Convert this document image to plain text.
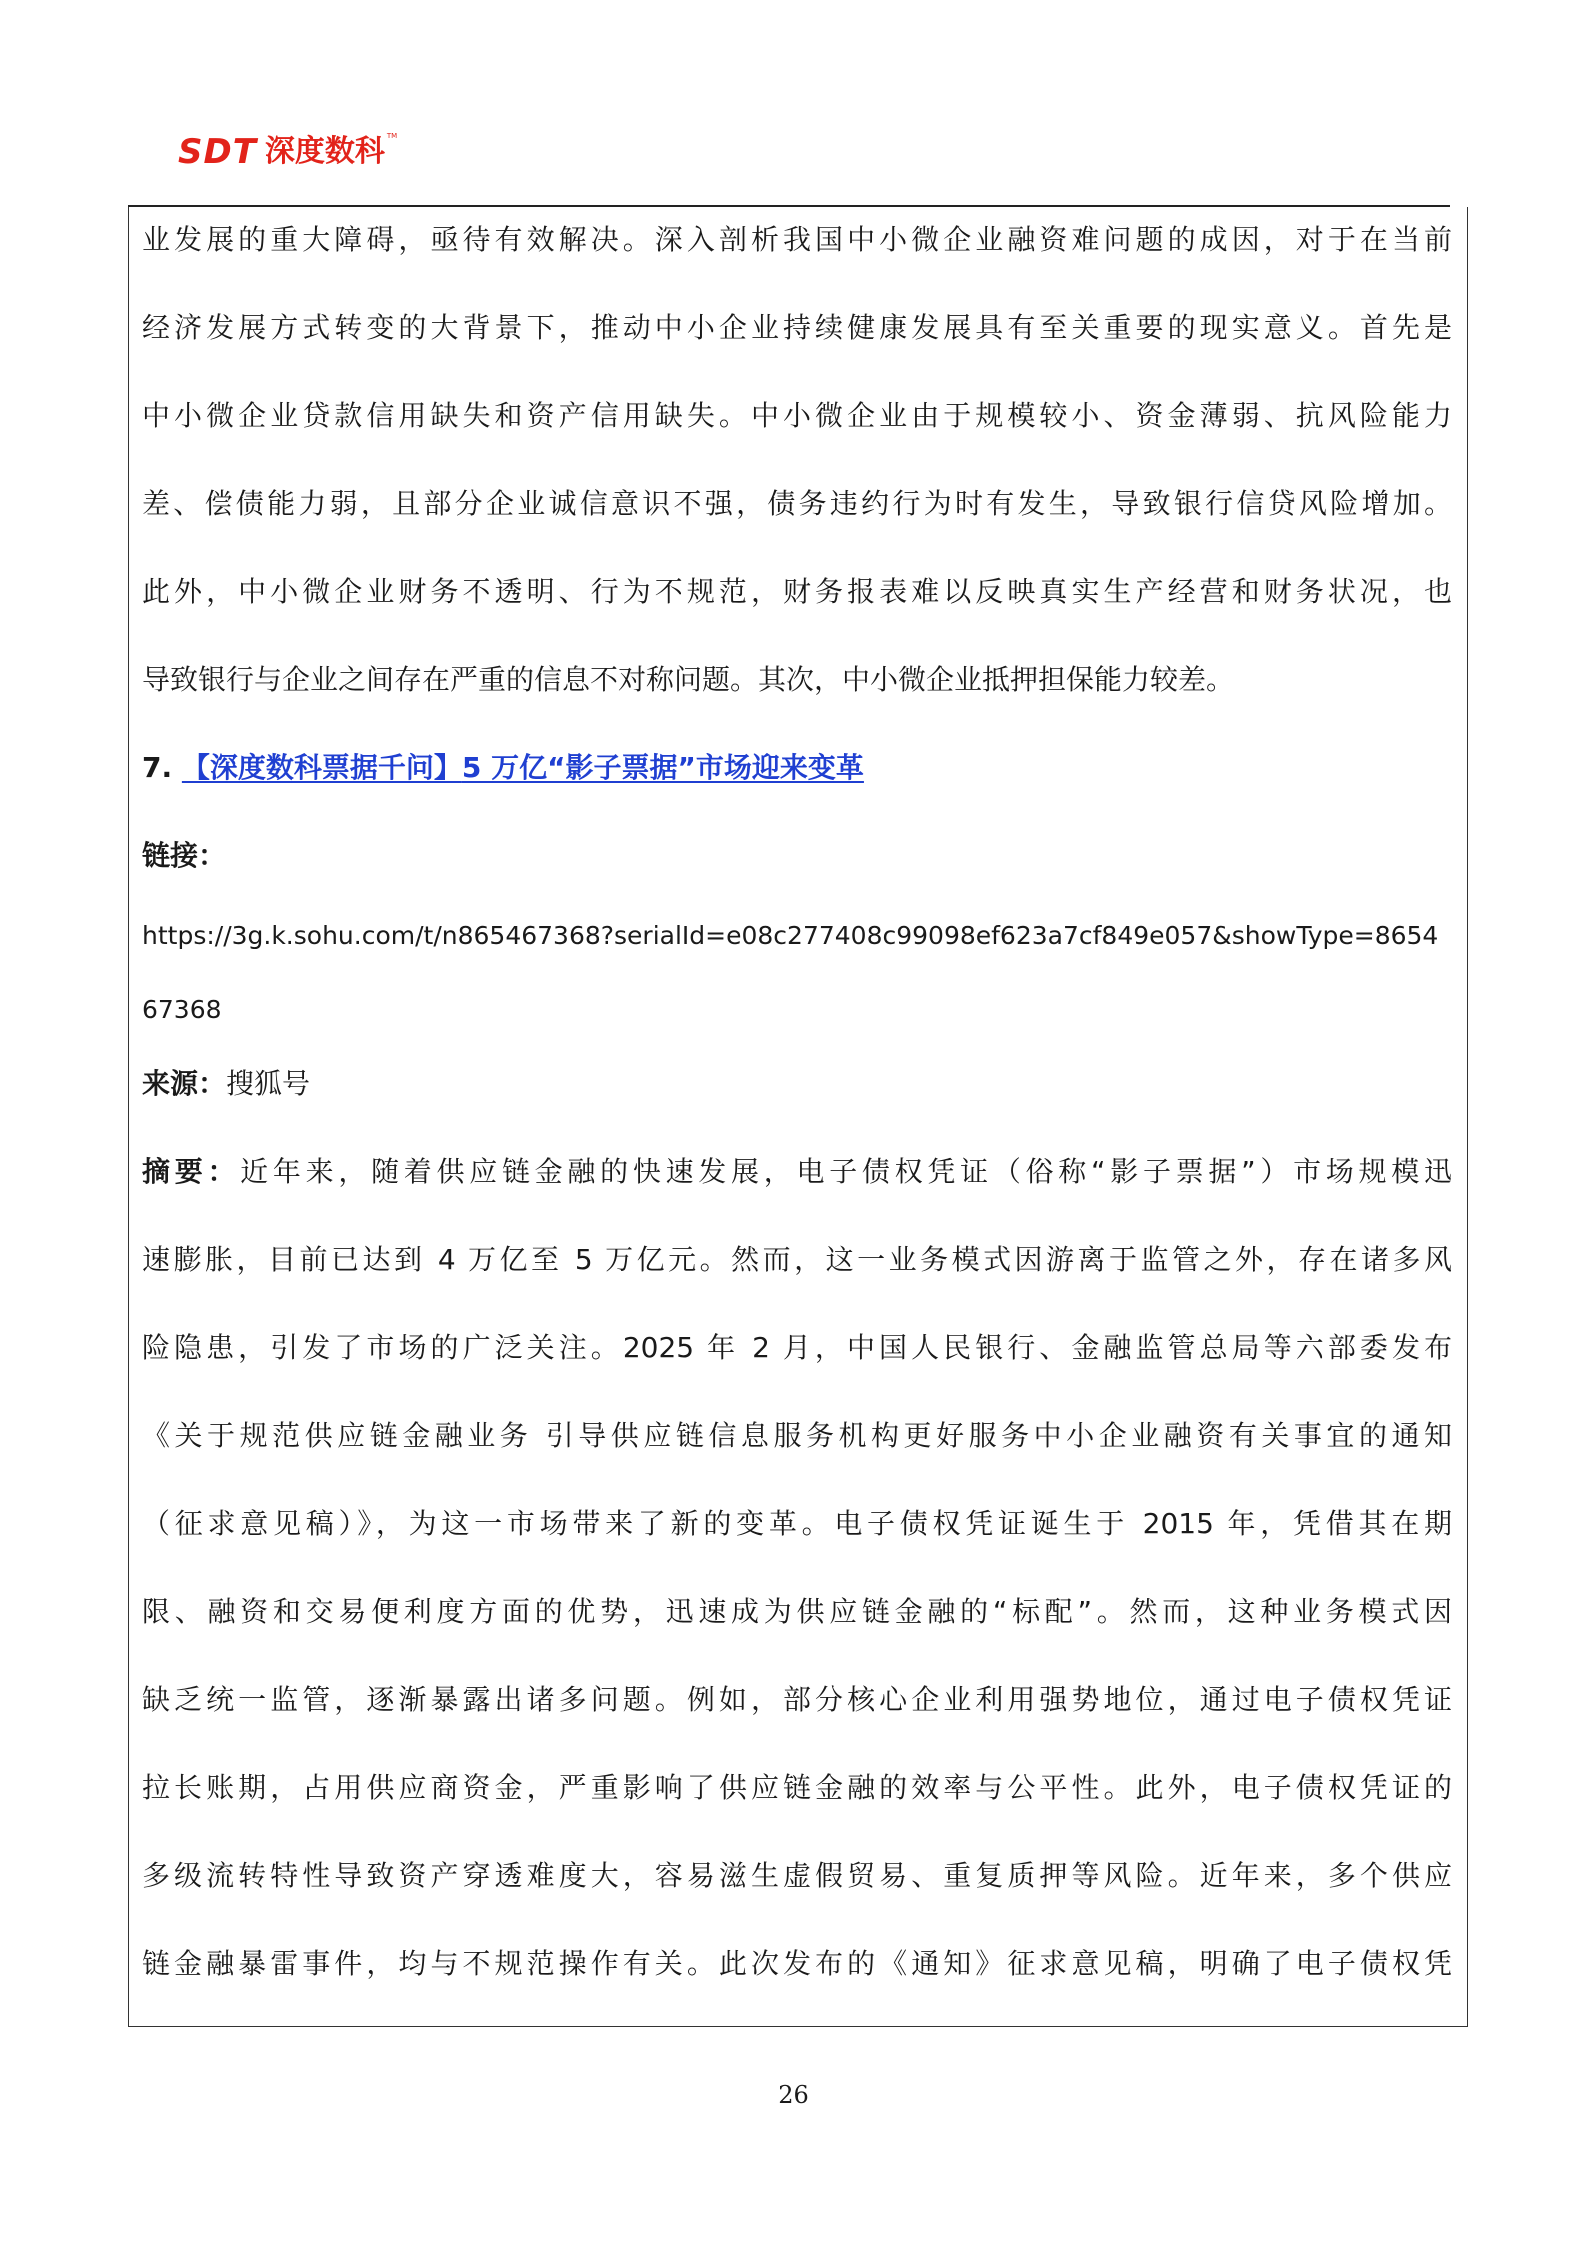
SDT 深度数科 TM
业发展的重大障碍，亟待有效解决。深入剖析我国中小微企业融资难问题的成因，对于在当前
经济发展方式转变的大背景下，推动中小企业持续健康发展具有至关重要的现实意义。首先是
中小微企业贷款信用缺失和资产信用缺失。中小微企业由于规模较小、资金薄弱、抗风险能力
差、偿债能力弱，且部分企业诚信意识不强，债务违约行为时有发生，导致银行信贷风险增加。
此外，中小微企业财务不透明、行为不规范，财务报表难以反映真实生产经营和财务状况，也
导致银行与企业之间存在严重的信息不对称问题。其次，中小微企业抵押担保能力较差。
7. 【深度数科票据千问】5 万亿“影子票据”市场迎来变革
链接：
https://3g.k.sohu.com/t/n865467368?serialId=e08c277408c99098ef623a7cf849e057&showType=8654
67368
来源：搜狐号
摘要：近年来，随着供应链金融的快速发展，电子债权凭证（俗称“影子票据”）市场规模迅
速膨胀，目前已达到 4 万亿至 5 万亿元。然而，这一业务模式因游离于监管之外，存在诸多风
险隐患，引发了市场的广泛关注。2025 年 2 月，中国人民银行、金融监管总局等六部委发布
《关于规范供应链金融业务 引导供应链信息服务机构更好服务中小企业融资有关事宜的通知
（征求意见稿）》，为这一市场带来了新的变革。电子债权凭证诞生于 2015 年，凭借其在期
限、融资和交易便利度方面的优势，迅速成为供应链金融的“标配”。然而，这种业务模式因
缺乏统一监管，逐渐暴露出诸多问题。例如，部分核心企业利用强势地位，通过电子债权凭证
拉长账期，占用供应商资金，严重影响了供应链金融的效率与公平性。此外，电子债权凭证的
多级流转特性导致资产穿透难度大，容易滋生虚假贸易、重复质押等风险。近年来，多个供应
链金融暴雷事件，均与不规范操作有关。此次发布的《通知》征求意见稿，明确了电子债权凭
26
